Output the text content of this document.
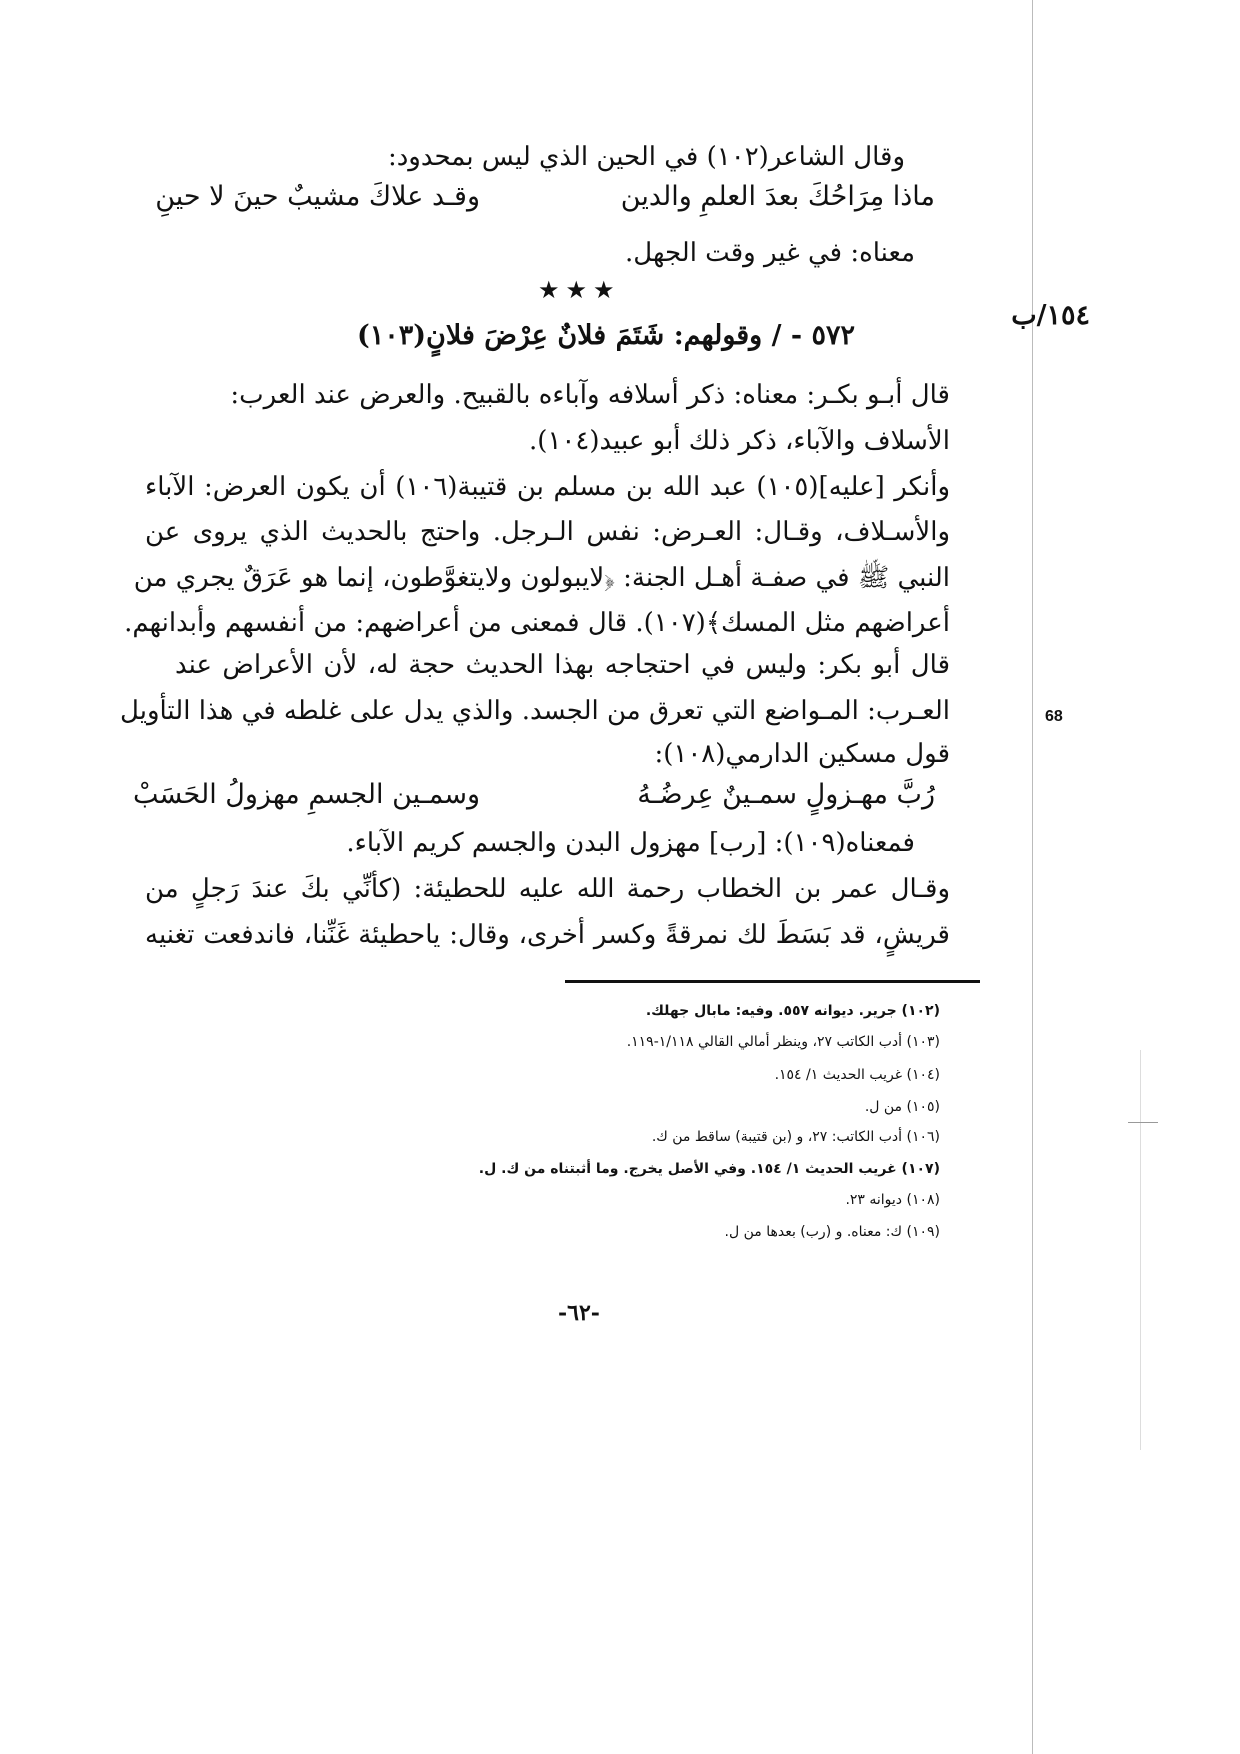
وقال الشاعر(١٠٢) في الحين الذي ليس بمحدود:
ماذا مِرَاحُكَ بعدَ العلمِ والدين
وقـد علاكَ مشيبٌ حينَ لا حينِ
معناه: في غير وقت الجهل.
★★★
١٥٤/ب
٥٧٢ - / وقولهم: شَتَمَ فلانٌ عِرْضَ فلانٍ(١٠٣)
قال أبـو بكـر: معناه: ذكر أسلافه وآباءه بالقبيح. والعرض عند العرب:
الأسلاف والآباء، ذكر ذلك أبو عبيد(١٠٤).
وأنكر [عليه](١٠٥) عبد الله بن مسلم بن قتيبة(١٠٦) أن يكون العرض: الآباء
والأسـلاف، وقـال: العـرض: نفس الـرجل. واحتج بالحديث الذي يروى عن
النبي ﷺ في صفـة أهـل الجنة: ﴿لايبولون ولايتغوَّطون، إنما هو عَرَقٌ يجري من
أعراضهم مثل المسك﴾(١٠٧). قال فمعنى من أعراضهم: من أنفسهم وأبدانهم.
قال أبو بكر: وليس في احتجاجه بهذا الحديث حجة له، لأن الأعراض عند
العـرب: المـواضع التي تعرق من الجسد. والذي يدل على غلطه في هذا التأويل
قول مسكين الدارمي(١٠٨):
68
رُبَّ مهـزولٍ سمـينٌ عِرضُـهُ
وسمـين الجسمِ مهزولُ الحَسَبْ
فمعناه(١٠٩): [رب] مهزول البدن والجسم كريم الآباء.
وقـال عمر بن الخطاب رحمة الله عليه للحطيئة: (كأنِّي بكَ عندَ رَجلٍ من
قريشٍ، قد بَسَطَ لك نمرقةً وكسر أخرى، وقال: ياحطيئة غَنِّنا، فاندفعت تغنيه
(١٠٢) جرير. ديوانه ٥٥٧. وفيه: مابال جهلك.
(١٠٣) أدب الكاتب ٢٧، وينظر أمالي القالي ١/١١٨-١١٩.
(١٠٤) غريب الحديث ١/ ١٥٤.
(١٠٥) من ل.
(١٠٦) أدب الكاتب: ٢٧، و (بن قتيبة) ساقط من ك.
(١٠٧) غريب الحديث ١/ ١٥٤. وفي الأصل يخرج. وما أثبتناه من ك. ل.
(١٠٨) ديوانه ٢٣.
(١٠٩) ك: معناه. و (رب) بعدها من ل.
-٦٢-
